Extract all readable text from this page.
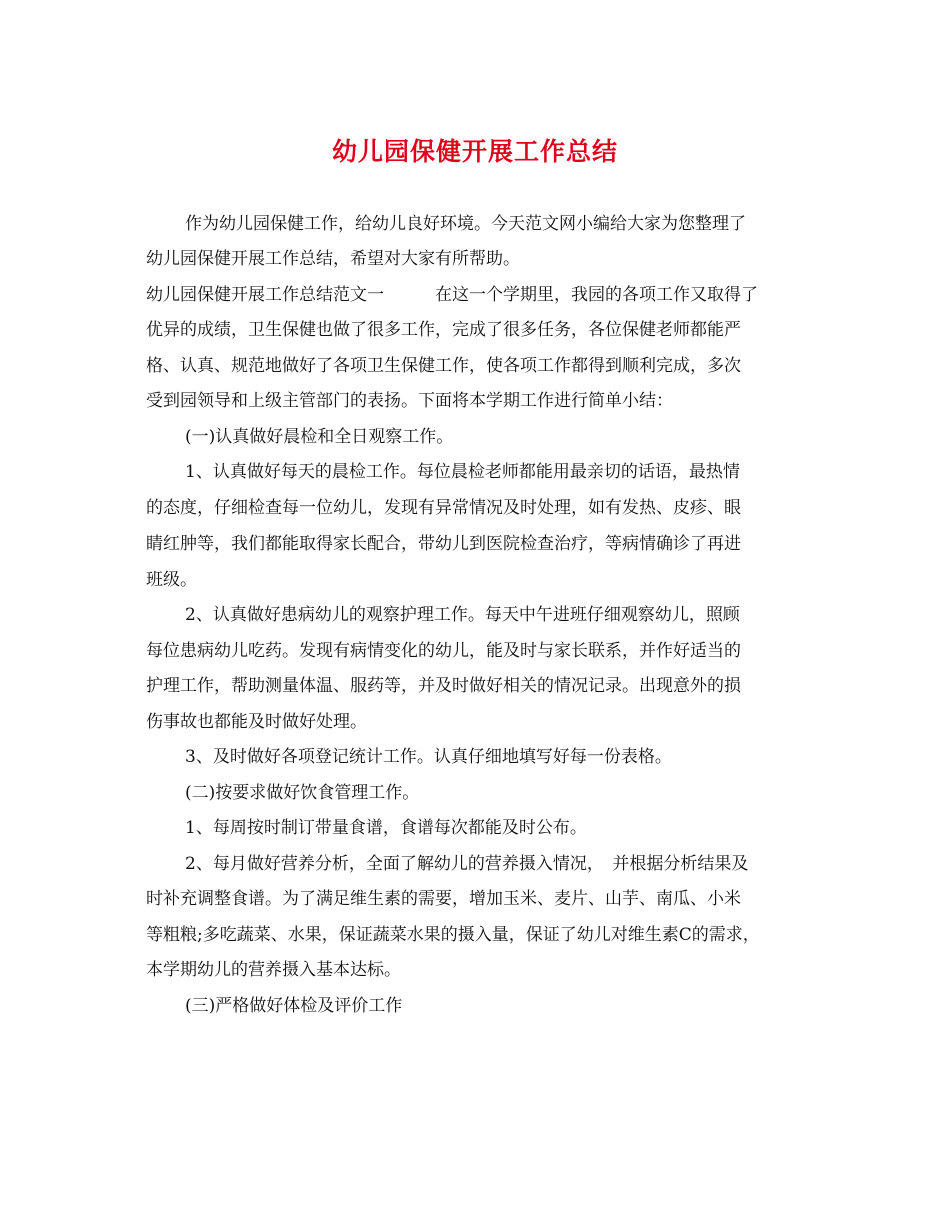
幼儿园保健开展工作总结
作为幼儿园保健工作，给幼儿良好环境。今天范文网小编给大家为您整理了
幼儿园保健开展工作总结，希望对大家有所帮助。
幼儿园保健开展工作总结范文一　　　在这一个学期里，我园的各项工作又取得了
优异的成绩，卫生保健也做了很多工作，完成了很多任务，各位保健老师都能严
格、认真、规范地做好了各项卫生保健工作，使各项工作都得到顺利完成，多次
受到园领导和上级主管部门的表扬。下面将本学期工作进行简单小结：
(一)认真做好晨检和全日观察工作。
1、认真做好每天的晨检工作。每位晨检老师都能用最亲切的话语，最热情
的态度，仔细检查每一位幼儿，发现有异常情况及时处理，如有发热、皮疹、眼
睛红肿等，我们都能取得家长配合，带幼儿到医院检查治疗，等病情确诊了再进
班级。
2、认真做好患病幼儿的观察护理工作。每天中午进班仔细观察幼儿，照顾
每位患病幼儿吃药。发现有病情变化的幼儿，能及时与家长联系，并作好适当的
护理工作，帮助测量体温、服药等，并及时做好相关的情况记录。出现意外的损
伤事故也都能及时做好处理。
3、及时做好各项登记统计工作。认真仔细地填写好每一份表格。
(二)按要求做好饮食管理工作。
1、每周按时制订带量食谱，食谱每次都能及时公布。
2、每月做好营养分析，全面了解幼儿的营养摄入情况，　并根据分析结果及
时补充调整食谱。为了满足维生素的需要，增加玉米、麦片、山芋、南瓜、小米
等粗粮;多吃蔬菜、水果，保证蔬菜水果的摄入量，保证了幼儿对维生素C的需求，
本学期幼儿的营养摄入基本达标。
(三)严格做好体检及评价工作
